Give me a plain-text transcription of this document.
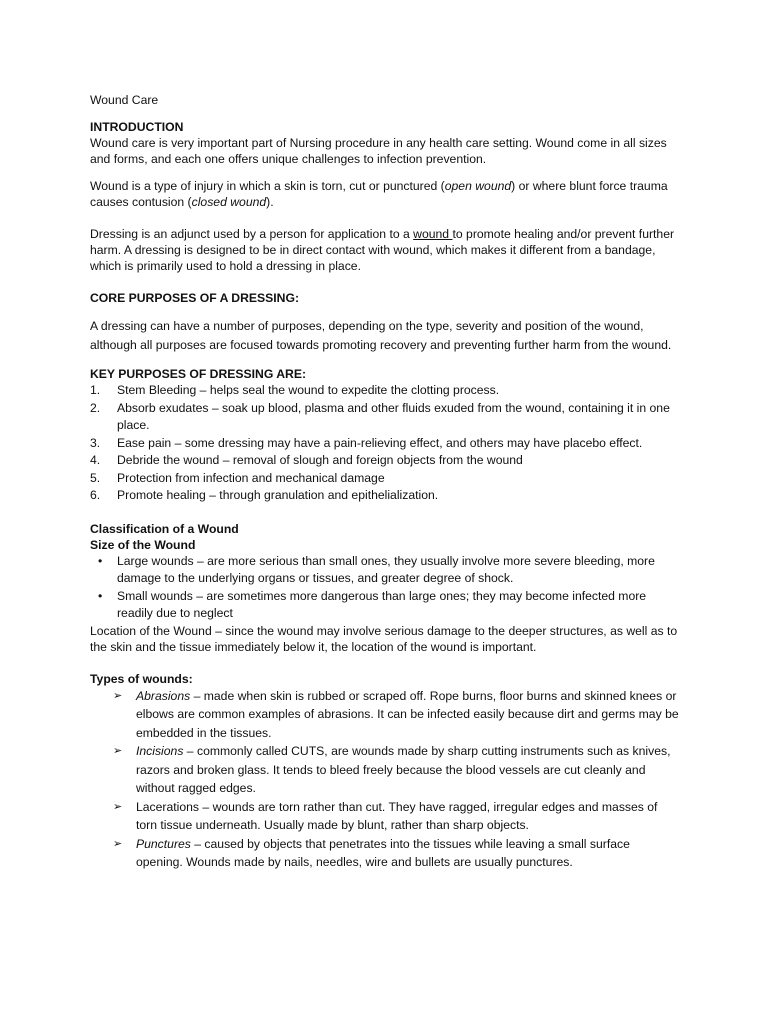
Wound Care

INTRODUCTION

Wound care is very important part of Nursing procedure in any health care setting. Wound come in all sizes and forms, and each one offers unique challenges to infection prevention.

Wound is a type of injury in which a skin is torn, cut or punctured (open wound) or where blunt force trauma causes contusion (closed wound).

Dressing is an adjunct used by a person for application to a wound to promote healing and/or prevent further harm. A dressing is designed to be in direct contact with wound, which makes it different from a bandage, which is primarily used to hold a dressing in place.

CORE PURPOSES OF A DRESSING:

A dressing can have a number of purposes, depending on the type, severity and position of the wound, although all purposes are focused towards promoting recovery and preventing further harm from the wound.

KEY PURPOSES OF DRESSING ARE:

1. Stem Bleeding – helps seal the wound to expedite the clotting process.
2. Absorb exudates – soak up blood, plasma and other fluids exuded from the wound, containing it in one place.
3. Ease pain – some dressing may have a pain-relieving effect, and others may have placebo effect.
4. Debride the wound – removal of slough and foreign objects from the wound
5. Protection from infection and mechanical damage
6. Promote healing – through granulation and epithelialization.

Classification of a Wound

Size of the Wound

• Large wounds – are more serious than small ones, they usually involve more severe bleeding, more damage to the underlying organs or tissues, and greater degree of shock.
• Small wounds – are sometimes more dangerous than large ones; they may become infected more readily due to neglect

Location of the Wound – since the wound may involve serious damage to the deeper structures, as well as to the skin and the tissue immediately below it, the location of the wound is important.

Types of wounds:

➢ Abrasions – made when skin is rubbed or scraped off. Rope burns, floor burns and skinned knees or elbows are common examples of abrasions. It can be infected easily because dirt and germs may be embedded in the tissues.
➢ Incisions – commonly called CUTS, are wounds made by sharp cutting instruments such as knives, razors and broken glass. It tends to bleed freely because the blood vessels are cut cleanly and without ragged edges.
➢ Lacerations – wounds are torn rather than cut. They have ragged, irregular edges and masses of torn tissue underneath. Usually made by blunt, rather than sharp objects.
➢ Punctures – caused by objects that penetrates into the tissues while leaving a small surface opening. Wounds made by nails, needles, wire and bullets are usually punctures.
